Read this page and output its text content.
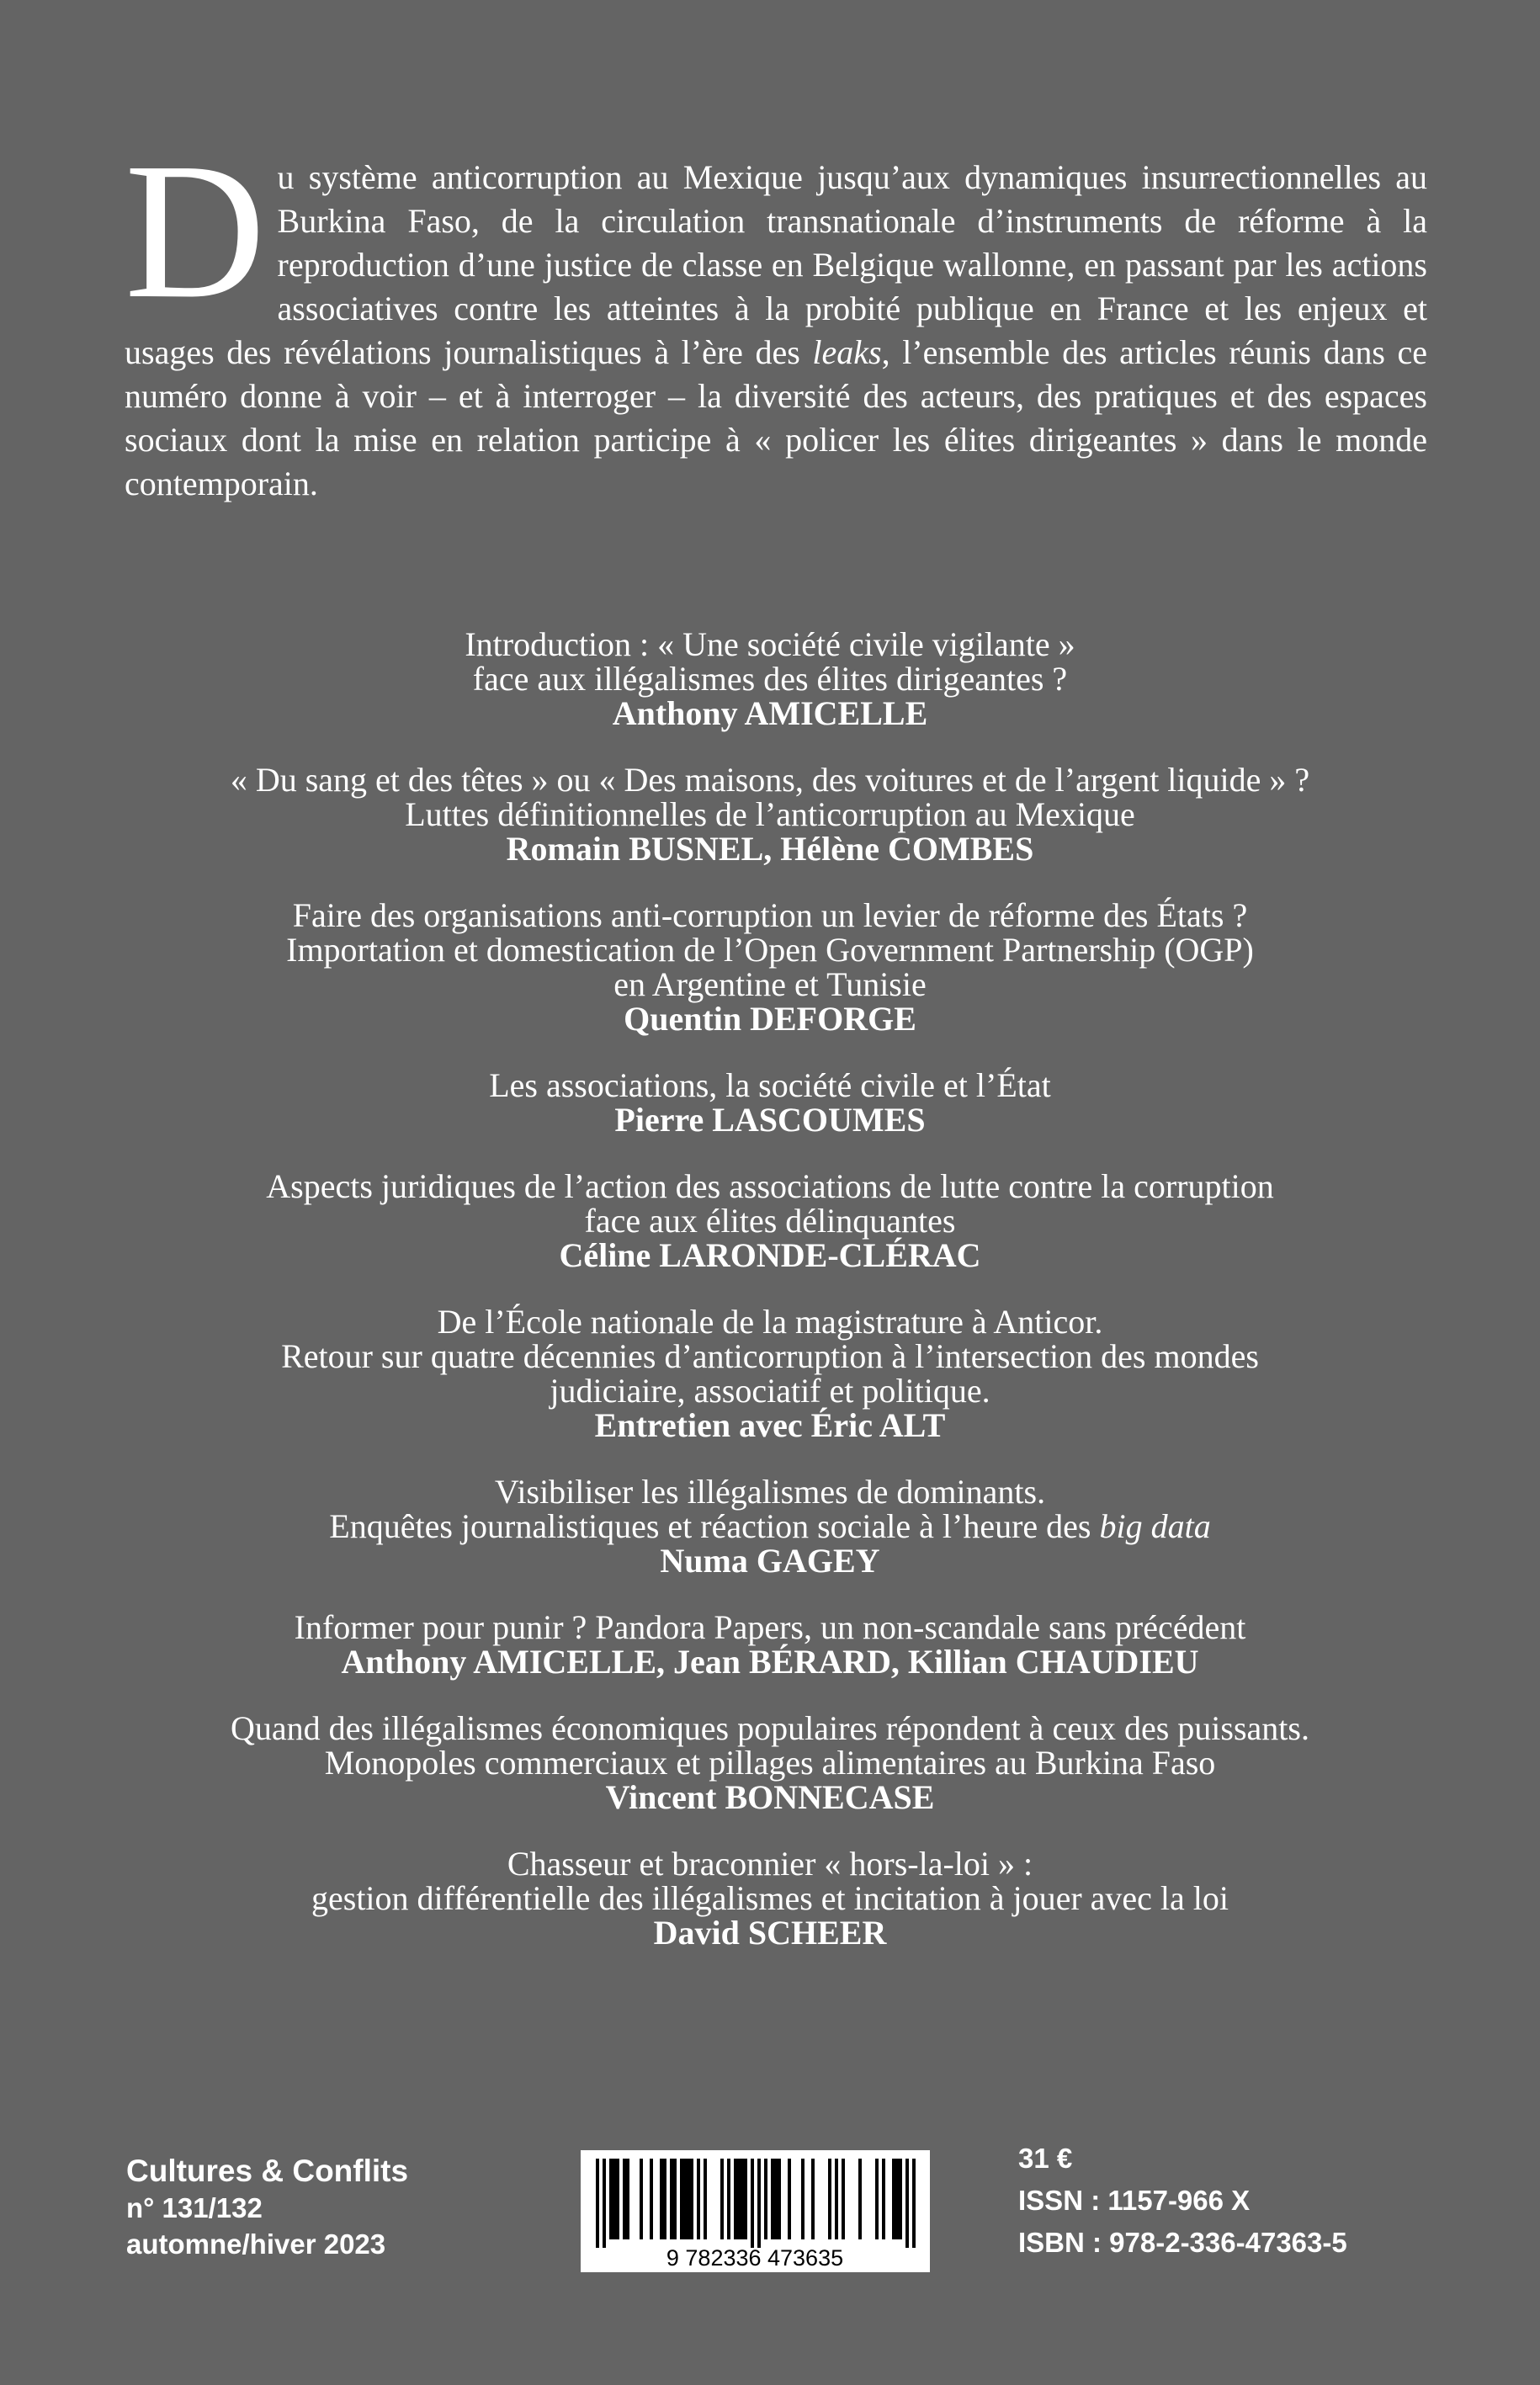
Du système anticorruption au Mexique jusqu’aux dynamiques insurrectionnelles au Burkina Faso, de la circulation transnationale d’instruments de réforme à la reproduction d’une justice de classe en Belgique wallonne, en passant par les actions associatives contre les atteintes à la probité publique en France et les enjeux et usages des révélations journalistiques à l’ère des leaks, l’ensemble des articles réunis dans ce numéro donne à voir – et à interroger – la diversité des acteurs, des pratiques et des espaces sociaux dont la mise en relation participe à « policer les élites dirigeantes » dans le monde contemporain.
Introduction : « Une société civile vigilante »
face aux illégalismes des élites dirigeantes ?
Anthony AMICELLE
« Du sang et des têtes » ou « Des maisons, des voitures et de l’argent liquide » ?
Luttes définitionnelles de l’anticorruption au Mexique
Romain BUSNEL, Hélène COMBES
Faire des organisations anti-corruption un levier de réforme des États ?
Importation et domestication de l’Open Government Partnership (OGP)
en Argentine et Tunisie
Quentin DEFORGE
Les associations, la société civile et l’État
Pierre LASCOUMES
Aspects juridiques de l’action des associations de lutte contre la corruption
face aux élites délinquantes
Céline LARONDE-CLÉRAC
De l’École nationale de la magistrature à Anticor.
Retour sur quatre décennies d’anticorruption à l’intersection des mondes
judiciaire, associatif et politique.
Entretien avec Éric ALT
Visibiliser les illégalismes de dominants.
Enquêtes journalistiques et réaction sociale à l’heure des big data
Numa GAGEY
Informer pour punir ? Pandora Papers, un non-scandale sans précédent
Anthony AMICELLE, Jean BÉRARD, Killian CHAUDIEU
Quand des illégalismes économiques populaires répondent à ceux des puissants.
Monopoles commerciaux et pillages alimentaires au Burkina Faso
Vincent BONNECASE
Chasseur et braconnier « hors-la-loi » :
gestion différentielle des illégalismes et incitation à jouer avec la loi
David SCHEER
Cultures & Conflits
n° 131/132
automne/hiver 2023	9 782336 473635
31 €
ISSN : 1157-966 X
ISBN : 978-2-336-47363-5
